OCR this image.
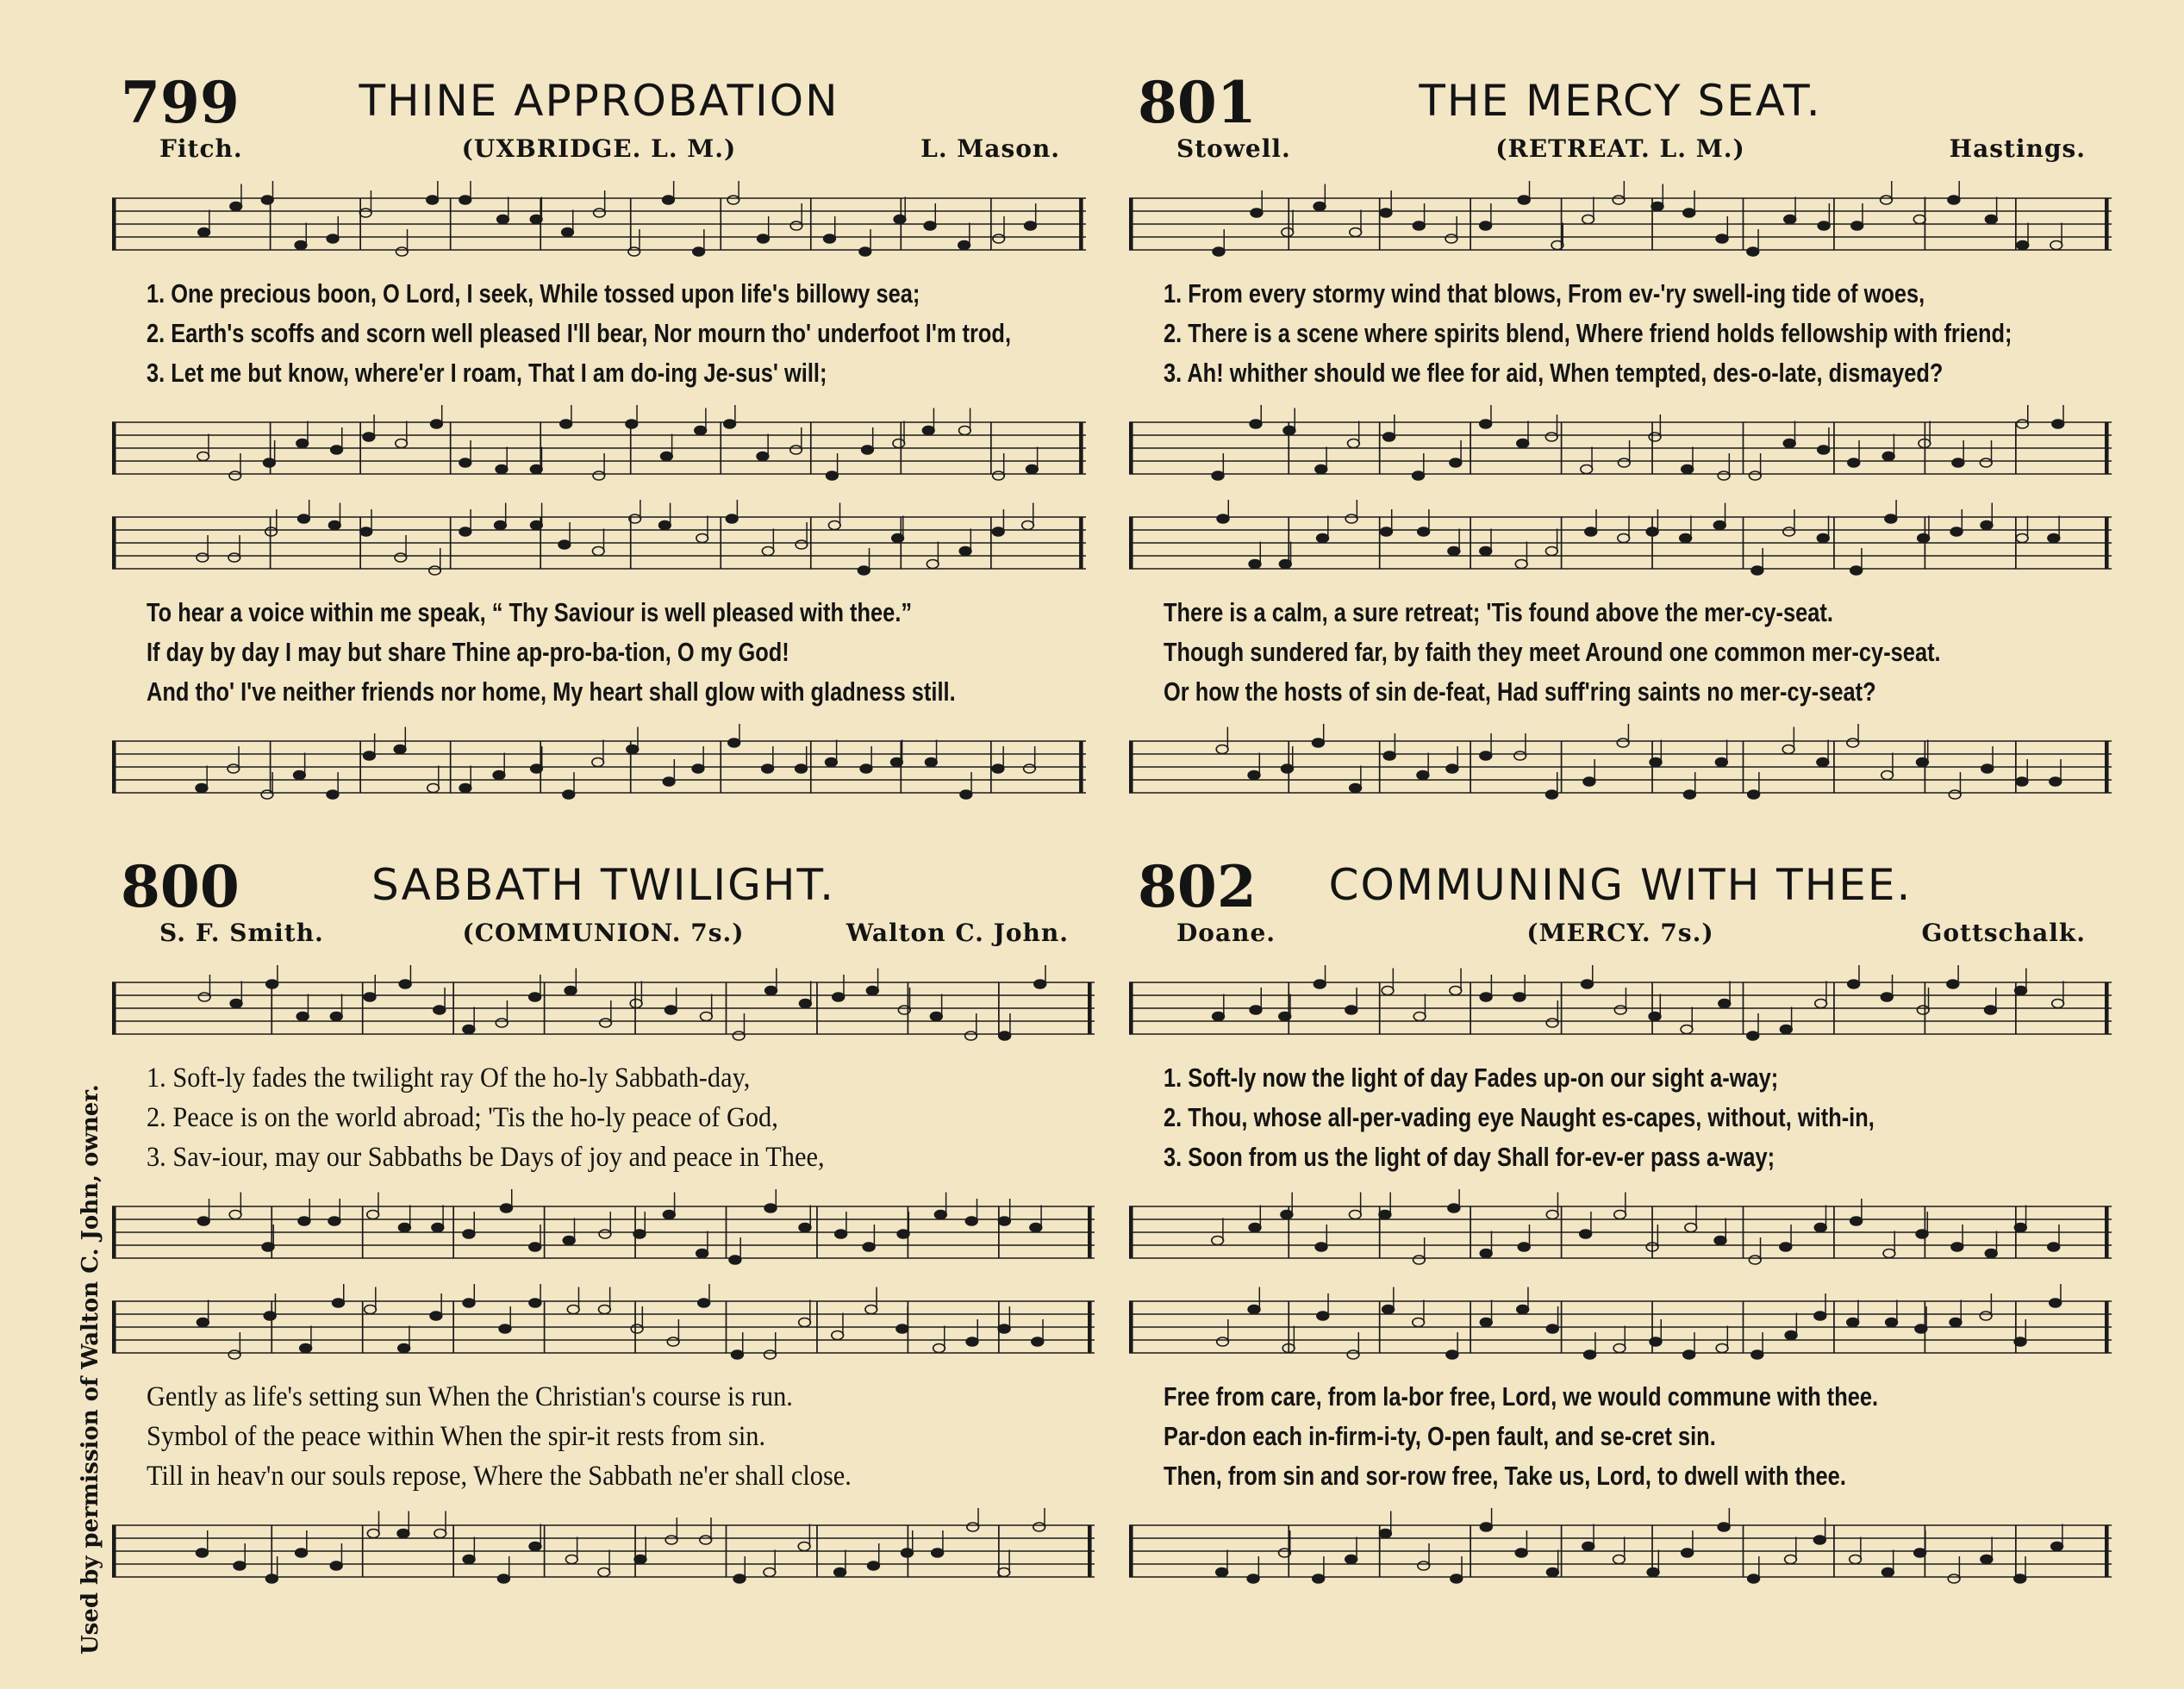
799	THINE APPROBATION
Fitch.	(UXBRIDGE. L. M.)	L. Mason.
1. One precious boon, O Lord, I seek, While tossed upon life's billowy sea;
2. Earth's scoffs and scorn well pleased I'll bear, Nor mourn tho' underfoot I'm trod,
3. Let me but know, where'er I roam, That I am do-ing Je-sus' will;
To hear a voice within me speak, “ Thy Saviour is well pleased with thee.”
If day by day I may but share Thine ap-pro-ba-tion, O my God!
And tho' I've neither friends nor home, My heart shall glow with gladness still.
801	THE MERCY SEAT.
Stowell.	(RETREAT. L. M.)	Hastings.
1. From every stormy wind that blows, From ev-'ry swell-ing tide of woes,
2. There is a scene where spirits blend, Where friend holds fellowship with friend;
3. Ah! whither should we flee for aid, When tempted, des-o-late, dismayed?
There is a calm, a sure retreat; 'Tis found above the mer-cy-seat.
Though sundered far, by faith they meet Around one common mer-cy-seat.
Or how the hosts of sin de-feat, Had suff'ring saints no mer-cy-seat?
800	SABBATH TWILIGHT.
S. F. Smith.	(COMMUNION. 7s.)	Walton C. John.
1. Soft-ly fades the twilight ray Of the ho-ly Sabbath-day,
2. Peace is on the world abroad; 'Tis the ho-ly peace of God,
3. Sav-iour, may our Sabbaths be Days of joy and peace in Thee,
Gently as life's setting sun When the Christian's course is run.
Symbol of the peace within When the spir-it rests from sin.
Till in heav'n our souls repose, Where the Sabbath ne'er shall close.
802	COMMUNING WITH THEE.
Doane.	(MERCY. 7s.)	Gottschalk.
1. Soft-ly now the light of day Fades up-on our sight a-way;
2. Thou, whose all-per-vading eye Naught es-capes, without, with-in,
3. Soon from us the light of day Shall for-ev-er pass a-way;
Free from care, from la-bor free, Lord, we would commune with thee.
Par-don each in-firm-i-ty, O-pen fault, and se-cret sin.
Then, from sin and sor-row free, Take us, Lord, to dwell with thee.
Used by permission of Walton C. John, owner.
